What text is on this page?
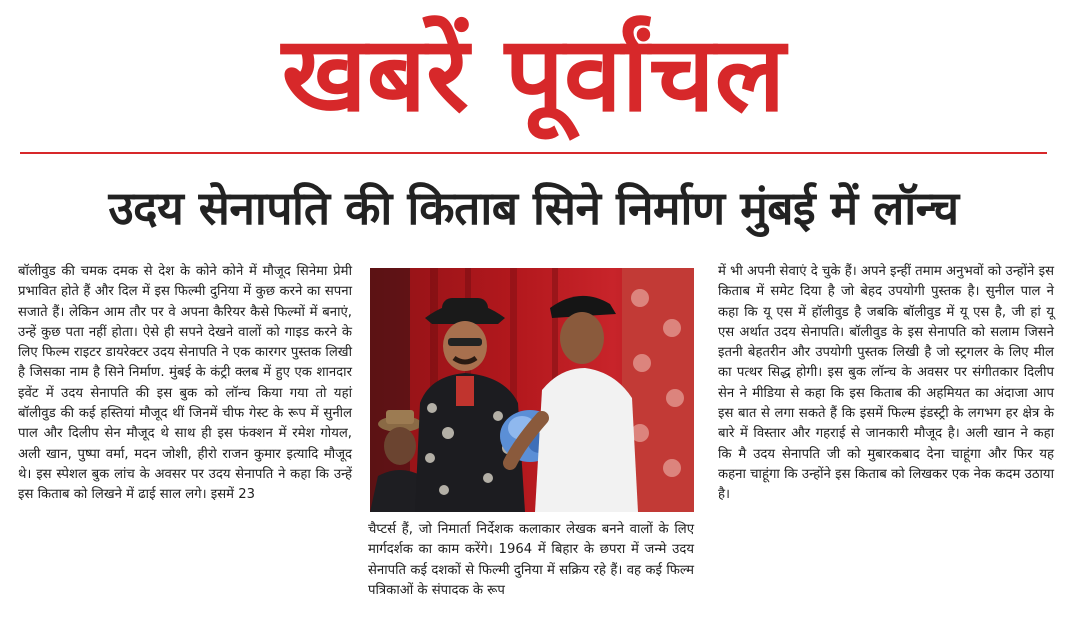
खबरें पूर्वांचल
उदय सेनापति की किताब सिने निर्माण मुंबई में लॉन्च
बॉलीवुड की चमक दमक से देश के कोने कोने में मौजूद सिनेमा प्रेमी प्रभावित होते हैं और दिल में इस फिल्मी दुनिया में कुछ करने का सपना सजाते हैं। लेकिन आम तौर पर वे अपना कैरियर कैसे फिल्मों में बनाएं, उन्हें कुछ पता नहीं होता। ऐसे ही सपने देखने वालों को गाइड करने के लिए फिल्म राइटर डायरेक्टर उदय सेनापति ने एक कारगर पुस्तक लिखी है जिसका नाम है सिने निर्माण. मुंबई के कंट्री क्लब में हुए एक शानदार इवेंट में उदय सेनापति की इस बुक को लॉन्च किया गया तो यहां बॉलीवुड की कई हस्तियां मौजूद थीं जिनमें चीफ गेस्ट के रूप में सुनील पाल और दिलीप सेन मौजूद थे साथ ही इस फंक्शन में रमेश गोयल, अली खान, पुष्पा वर्मा, मदन जोशी, हीरो राजन कुमार इत्यादि मौजूद थे। इस स्पेशल बुक लांच के अवसर पर उदय सेनापति ने कहा कि उन्हें इस किताब को लिखने में ढाई साल लगे। इसमें 23
चैप्टर्स हैं, जो निमार्ता निर्देशक कलाकार लेखक बनने वालों के लिए मार्गदर्शक का काम करेंगे। 1964 में बिहार के छपरा में जन्मे उदय सेनापति कई दशकों से फिल्मी दुनिया में सक्रिय रहे हैं। वह कई फिल्म पत्रिकाओं के संपादक के रूप
में भी अपनी सेवाएं दे चुके हैं। अपने इन्हीं तमाम अनुभवों को उन्होंने इस किताब में समेट दिया है जो बेहद उपयोगी पुस्तक है। सुनील पाल ने कहा कि यू एस में हॉलीवुड है जबकि बॉलीवुड में यू एस है, जी हां यू एस अर्थात उदय सेनापति। बॉलीवुड के इस सेनापति को सलाम जिसने इतनी बेहतरीन और उपयोगी पुस्तक लिखी है जो स्ट्रगलर के लिए मील का पत्थर सिद्ध होगी। इस बुक लॉन्च के अवसर पर संगीतकार दिलीप सेन ने मीडिया से कहा कि इस किताब की अहमियत का अंदाजा आप इस बात से लगा सकते हैं कि इसमें फिल्म इंडस्ट्री के लगभग हर क्षेत्र के बारे में विस्तार और गहराई से जानकारी मौजूद है। अली खान ने कहा कि मै उदय सेनापति जी को मुबारकबाद देना चाहूंगा और फिर यह कहना चाहूंगा कि उन्होंने इस किताब को लिखकर एक नेक कदम उठाया है।
